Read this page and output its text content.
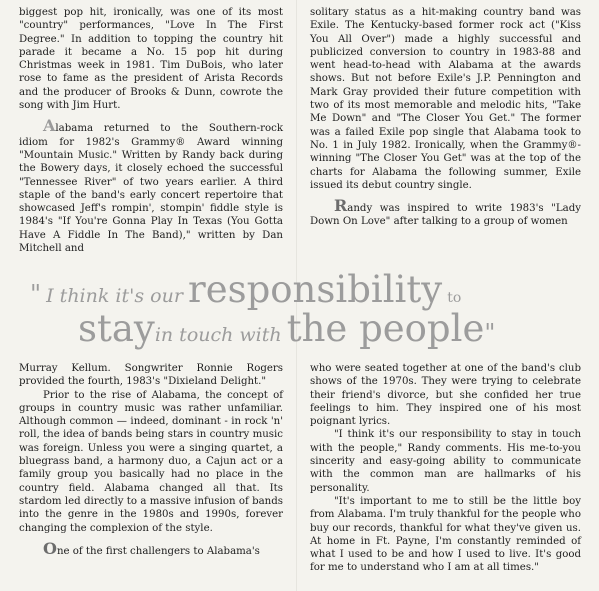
biggest pop hit, ironically, was one of its most "country" performances, "Love In The First Degree." In addition to topping the country hit parade it became a No. 15 pop hit during Christmas week in 1981. Tim DuBois, who later rose to fame as the president of Arista Records and the producer of Brooks & Dunn, cowrote the song with Jim Hurt.

Alabama returned to the Southern-rock idiom for 1982's Grammy® Award winning "Mountain Music." Written by Randy back during the Bowery days, it closely echoed the successful "Tennessee River" of two years earlier. A third staple of the band's early concert repertoire that showcased Jeff's rompin', stompin' fiddle style is 1984's "If You're Gonna Play In Texas (You Gotta Have A Fiddle In The Band)," written by Dan Mitchell and

solitary status as a hit-making country band was Exile. The Kentucky-based former rock act ("Kiss You All Over") made a highly successful and publicized conversion to country in 1983-88 and went head-to-head with Alabama at the awards shows. But not before Exile's J.P. Pennington and Mark Gray provided their future competition with two of its most memorable and melodic hits, "Take Me Down" and "The Closer You Get." The former was a failed Exile pop single that Alabama took to No. 1 in July 1982. Ironically, when the Grammy®-winning "The Closer You Get" was at the top of the charts for Alabama the following summer, Exile issued its debut country single.

Randy was inspired to write 1983's "Lady Down On Love" after talking to a group of women

" I think it's our responsibility to
stayin touch with the people"

Murray Kellum. Songwriter Ronnie Rogers provided the fourth, 1983's "Dixieland Delight."

Prior to the rise of Alabama, the concept of groups in country music was rather unfamiliar. Although common — indeed, dominant - in rock 'n' roll, the idea of bands being stars in country music was foreign. Unless you were a singing quartet, a bluegrass band, a harmony duo, a Cajun act or a family group you basically had no place in the country field. Alabama changed all that. Its stardom led directly to a massive infusion of bands into the genre in the 1980s and 1990s, forever changing the complexion of the style.

One of the first challengers to Alabama's

who were seated together at one of the band's club shows of the 1970s. They were trying to celebrate their friend's divorce, but she confided her true feelings to him. They inspired one of his most poignant lyrics.

"I think it's our responsibility to stay in touch with the people," Randy comments. His me-to-you sincerity and easy-going ability to communicate with the common man are hallmarks of his personality.

"It's important to me to still be the little boy from Alabama. I'm truly thankful for the people who buy our records, thankful for what they've given us. At home in Ft. Payne, I'm constantly reminded of what I used to be and how I used to live. It's good for me to understand who I am at all times."
